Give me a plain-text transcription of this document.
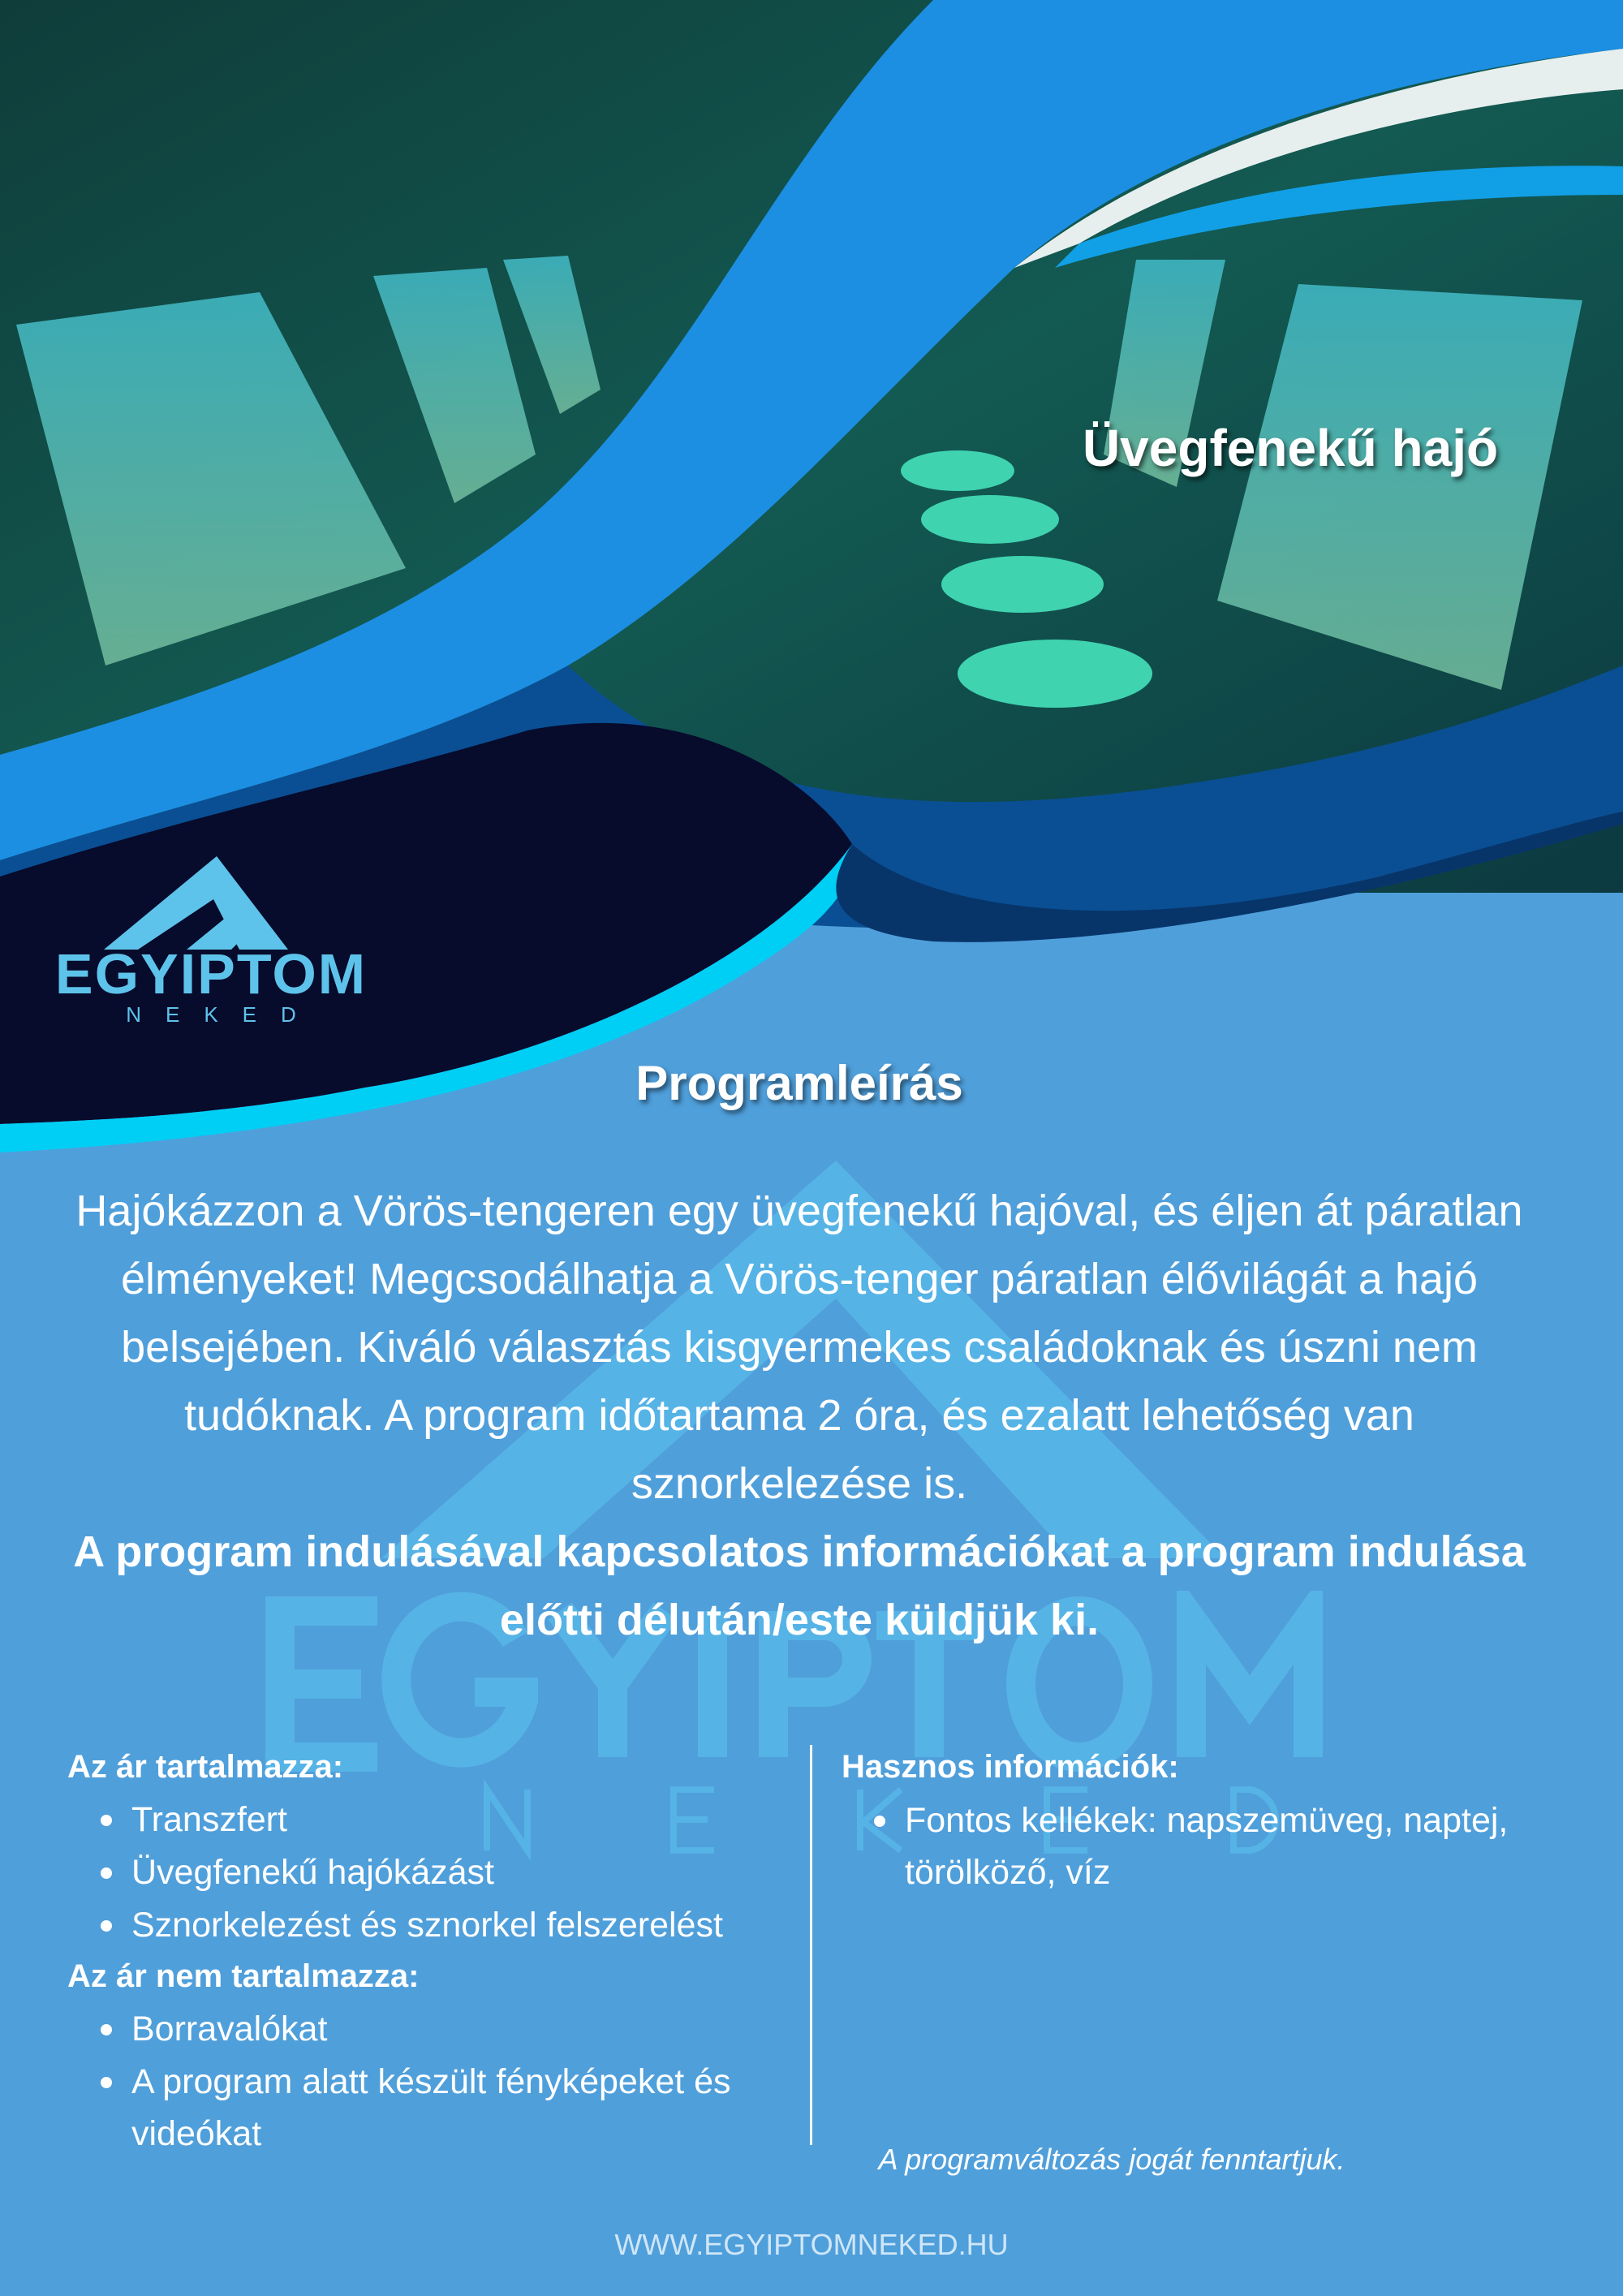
Üvegfenekű hajó
EGYIPTOM
NEKED
Programleírás
Hajókázzon a Vörös-tengeren egy üvegfenekű hajóval, és éljen át páratlan élményeket! Megcsodálhatja a Vörös-tenger páratlan élővilágát a hajó belsejében. Kiváló választás kisgyermekes családoknak és úszni nem tudóknak. A program időtartama 2 óra, és ezalatt lehetőség van sznorkelezése is.
A program indulásával kapcsolatos információkat a program indulása előtti délután/este küldjük ki.
Az ár tartalmazza:
Transzfert
Üvegfenekű hajókázást
Sznorkelezést és sznorkel felszerelést
Az ár nem tartalmazza:
Borravalókat
A program alatt készült fényképeket és videókat
Hasznos információk:
Fontos kellékek: napszemüveg, naptej, törölköző, víz
A programváltozás jogát fenntartjuk.
WWW.EGYIPTOMNEKED.HU
